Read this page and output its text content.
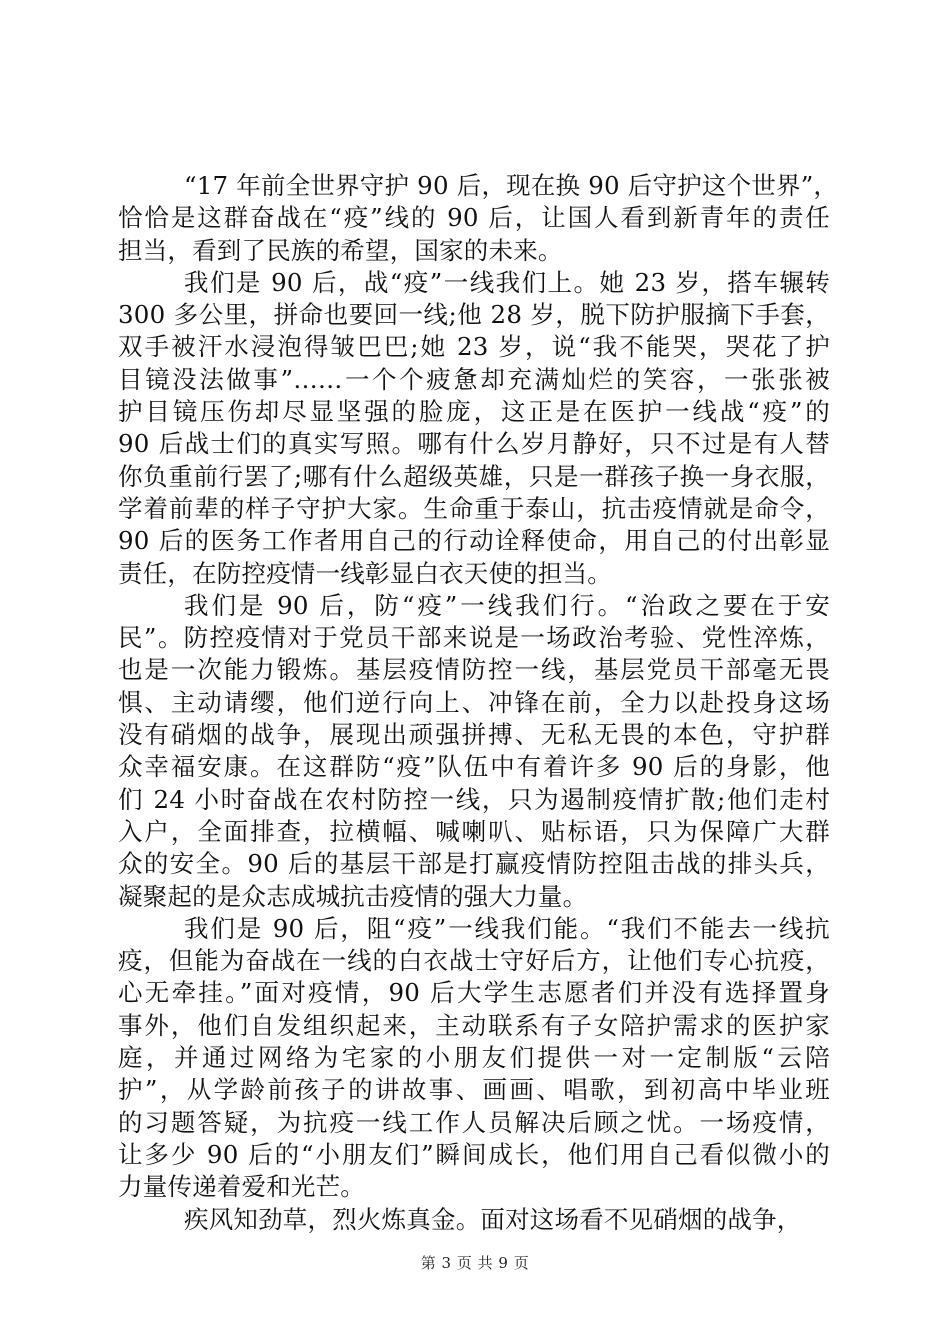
“17 年前全世界守护 90 后，现在换 90 后守护这个世界”，
恰恰是这群奋战在“疫”线的 90 后，让国人看到新青年的责任
担当，看到了民族的希望，国家的未来。
我们是 90 后，战“疫”一线我们上。她 23 岁，搭车辗转
300 多公里，拼命也要回一线;他 28 岁，脱下防护服摘下手套，
双手被汗水浸泡得皱巴巴;她 23 岁，说“我不能哭，哭花了护
目镜没法做事”……一个个疲惫却充满灿烂的笑容，一张张被
护目镜压伤却尽显坚强的脸庞，这正是在医护一线战“疫”的
90 后战士们的真实写照。哪有什么岁月静好，只不过是有人替
你负重前行罢了;哪有什么超级英雄，只是一群孩子换一身衣服，
学着前辈的样子守护大家。生命重于泰山，抗击疫情就是命令，
90 后的医务工作者用自己的行动诠释使命，用自己的付出彰显
责任，在防控疫情一线彰显白衣天使的担当。
我们是 90 后，防“疫”一线我们行。“治政之要在于安
民”。防控疫情对于党员干部来说是一场政治考验、党性淬炼，
也是一次能力锻炼。基层疫情防控一线，基层党员干部毫无畏
惧、主动请缨，他们逆行向上、冲锋在前，全力以赴投身这场
没有硝烟的战争，展现出顽强拼搏、无私无畏的本色，守护群
众幸福安康。在这群防“疫”队伍中有着许多 90 后的身影，他
们 24 小时奋战在农村防控一线，只为遏制疫情扩散;他们走村
入户，全面排查，拉横幅、喊喇叭、贴标语，只为保障广大群
众的安全。90 后的基层干部是打赢疫情防控阻击战的排头兵，
凝聚起的是众志成城抗击疫情的强大力量。
我们是 90 后，阻“疫”一线我们能。“我们不能去一线抗
疫，但能为奋战在一线的白衣战士守好后方，让他们专心抗疫，
心无牵挂。”面对疫情，90 后大学生志愿者们并没有选择置身
事外，他们自发组织起来，主动联系有子女陪护需求的医护家
庭，并通过网络为宅家的小朋友们提供一对一定制版“云陪
护”，从学龄前孩子的讲故事、画画、唱歌，到初高中毕业班
的习题答疑，为抗疫一线工作人员解决后顾之忧。一场疫情，
让多少 90 后的“小朋友们”瞬间成长，他们用自己看似微小的
力量传递着爱和光芒。
疾风知劲草，烈火炼真金。面对这场看不见硝烟的战争，
第 3 页 共 9 页
